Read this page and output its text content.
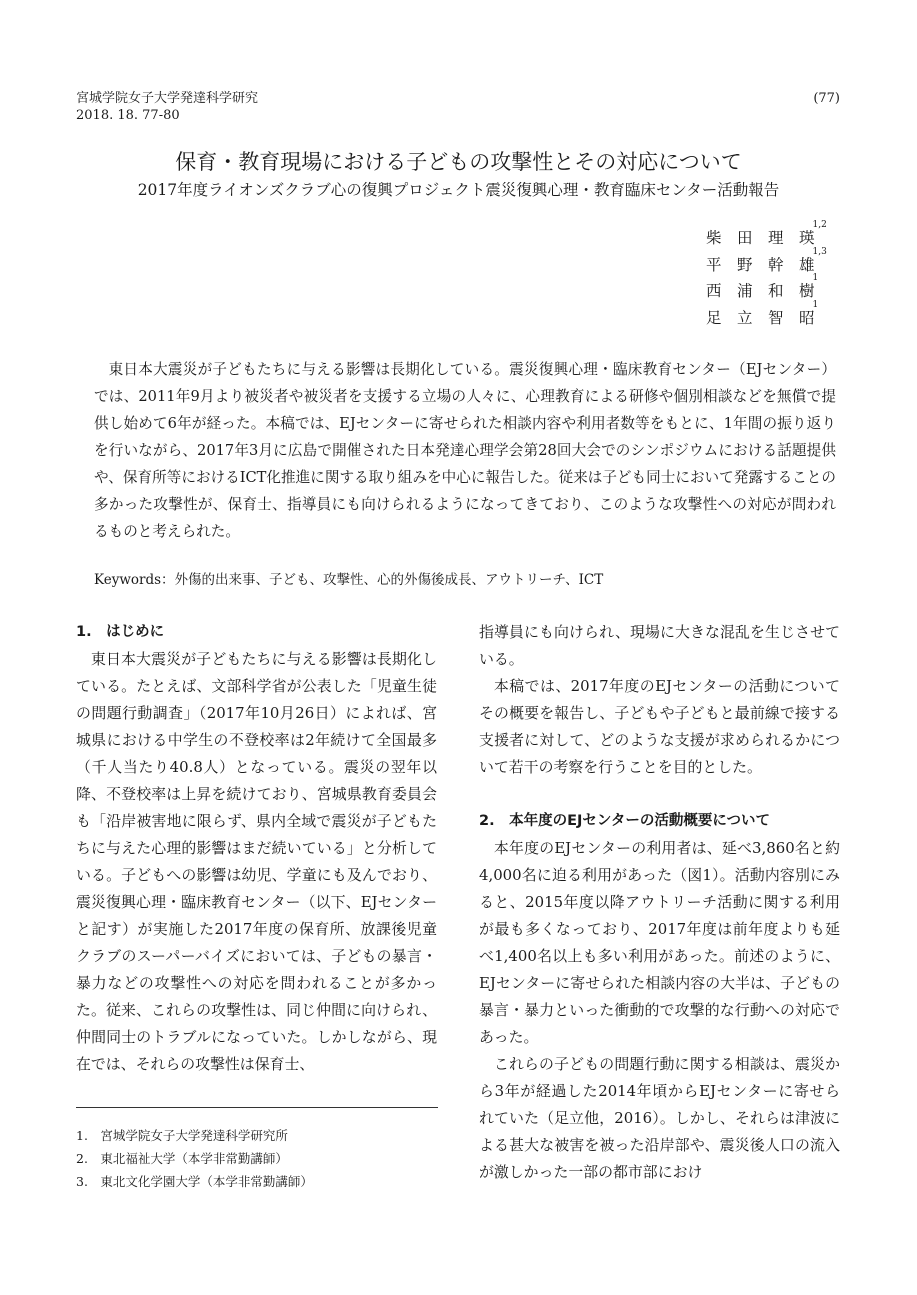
宮城学院女子大学発達科学研究
2018. 18. 77-80
(77)
保育・教育現場における子どもの攻撃性とその対応について
2017年度ライオンズクラブ心の復興プロジェクト震災復興心理・教育臨床センター活動報告
柴 田 理 瑛
$^{1,2}$
平 野 幹 雄
$^{1,3}$
西 浦 和 樹
$^1$
足 立 智 昭
$^1$
東日本大震災が子どもたちに与える影響は長期化している。震災復興心理・臨床教育センター（EJセンター）では、2011年9月より被災者や被災者を支援する立場の人々に、心理教育による研修や個別相談などを無償で提供し始めて6年が経った。本稿では、EJセンターに寄せられた相談内容や利用者数等をもとに、1年間の振り返りを行いながら、2017年3月に広島で開催された日本発達心理学会第28回大会でのシンポジウムにおける話題提供や、保育所等におけるICT化推進に関する取り組みを中心に報告した。従来は子ども同士において発露することの多かった攻撃性が、保育士、指導員にも向けられるようになってきており、このような攻撃性への対応が問われるものと考えられた。
Keywords：外傷的出来事、子ども、攻撃性、心的外傷後成長、アウトリーチ、ICT

1.　はじめに

東日本大震災が子どもたちに与える影響は長期化している。たとえば、文部科学省が公表した「児童生徒の問題行動調査」（2017年10月26日）によれば、宮城県における中学生の不登校率は2年続けて全国最多（千人当たり40.8人）となっている。震災の翌年以降、不登校率は上昇を続けており、宮城県教育委員会も「沿岸被害地に限らず、県内全域で震災が子どもたちに与えた心理的影響はまだ続いている」と分析している。子どもへの影響は幼児、学童にも及んでおり、震災復興心理・臨床教育センター（以下、EJセンターと記す）が実施した2017年度の保育所、放課後児童クラブのスーパーバイズにおいては、子どもの暴言・暴力などの攻撃性への対応を問われることが多かった。従来、これらの攻撃性は、同じ仲間に向けられ、仲間同士のトラブルになっていた。しかしながら、現在では、それらの攻撃性は保育士、

1.　宮城学院女子大学発達科学研究所
2.　東北福祉大学（本学非常勤講師）
3.　東北文化学園大学（本学非常勤講師）

指導員にも向けられ、現場に大きな混乱を生じさせている。

本稿では、2017年度のEJセンターの活動についてその概要を報告し、子どもや子どもと最前線で接する支援者に対して、どのような支援が求められるかについて若干の考察を行うことを目的とした。

2.　本年度のEJセンターの活動概要について

本年度のEJセンターの利用者は、延べ3,860名と約4,000名に迫る利用があった（図1）。活動内容別にみると、2015年度以降アウトリーチ活動に関する利用が最も多くなっており、2017年度は前年度よりも延べ1,400名以上も多い利用があった。前述のように、EJセンターに寄せられた相談内容の大半は、子どもの暴言・暴力といった衝動的で攻撃的な行動への対応であった。

これらの子どもの問題行動に関する相談は、震災から3年が経過した2014年頃からEJセンターに寄せられていた（足立他，2016）。しかし、それらは津波による甚大な被害を被った沿岸部や、震災後人口の流入が激しかった一部の都市部におけ
